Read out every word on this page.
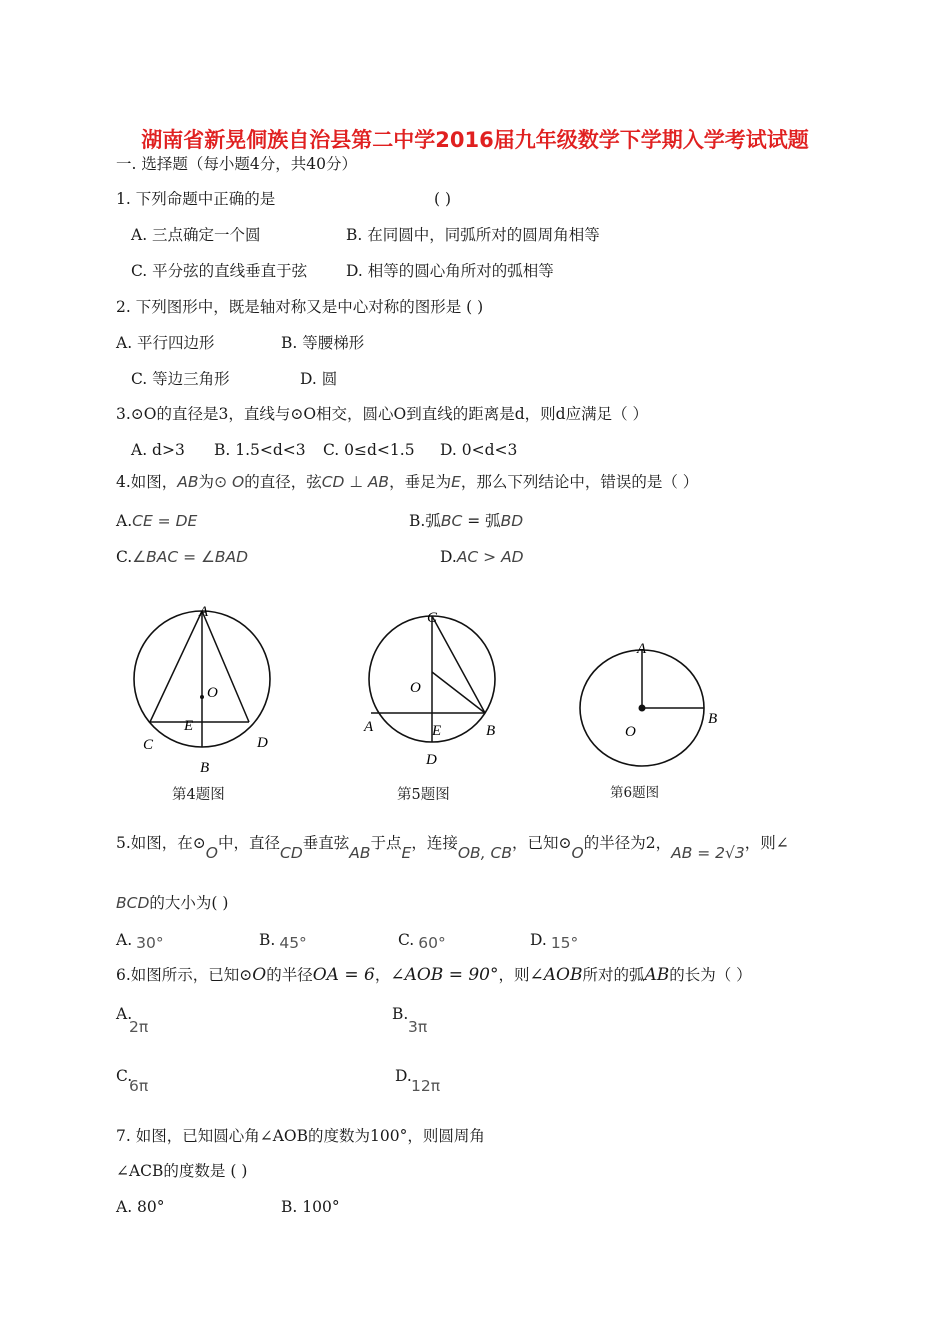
湖南省新晃侗族自治县第二中学2016届九年级数学下学期入学考试试题
一. 选择题（每小题4分，共40分）
1. 下列命题中正确的是	( )
A. 三点确定一个圆	B. 在同圆中，同弧所对的圆周角相等
C. 平分弦的直线垂直于弦	D. 相等的圆心角所对的弧相等
2. 下列图形中，既是轴对称又是中心对称的图形是 ( )
A. 平行四边形	B. 等腰梯形
C. 等边三角形	D. 圆
3.⊙O的直径是3，直线与⊙O相交，圆心O到直线的距离是d，则d应满足（ ）
A. d>3 B. 1.5<d<3 C. 0≤d<1.5 D. 0<d<3
4.如图，AB为⊙ O的直径，弦CD ⊥ AB，垂足为E，那么下列结论中，错误的是（ ）
A.CE = DE	B.弧BC = 弧BD
C.∠BAC = ∠BAD	D.AC > AD
A
O
E
C	D
B
第4题图
C
O
A	E	B
D
第5题图
A
B
O
第6题图
5.如图，在⊙O中，直径CD垂直弦AB于点E，连接OB, CB，已知⊙O的半径为2，AB = 2√3，则∠
BCD的大小为( )
A. 30°	B. 45°	C. 60°	D. 15°
6.如图所示，已知⊙O的半径OA = 6，∠AOB = 90°，则∠AOB所对的弧AB的长为（ ）
A.
2π
B.
3π
C.
6π
D.
12π
7. 如图，已知圆心角∠AOB的度数为100°，则圆周角
∠ACB的度数是 ( )
A. 80°	B. 100°
